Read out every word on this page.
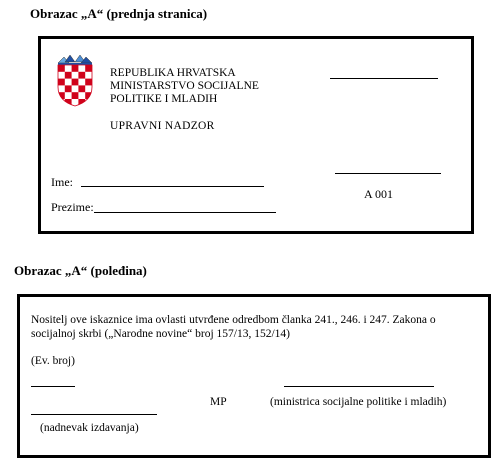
Obrazac „A“ (prednja stranica)
REPUBLIKA HRVATSKA
MINISTARSTVO SOCIJALNE
POLITIKE I MLADIH
UPRAVNI NADZOR
A 001
Ime:
Prezime:
Obrazac „A“ (poleđina)
Nositelj ove iskaznice ima ovlasti utvrđene odredbom članka 241., 246. i 247. Zakona o
socijalnoj skrbi („Narodne novine“ broj 157/13, 152/14)
(Ev. broj)
MP	(ministrica socijalne politike i mladih)
(nadnevak izdavanja)
